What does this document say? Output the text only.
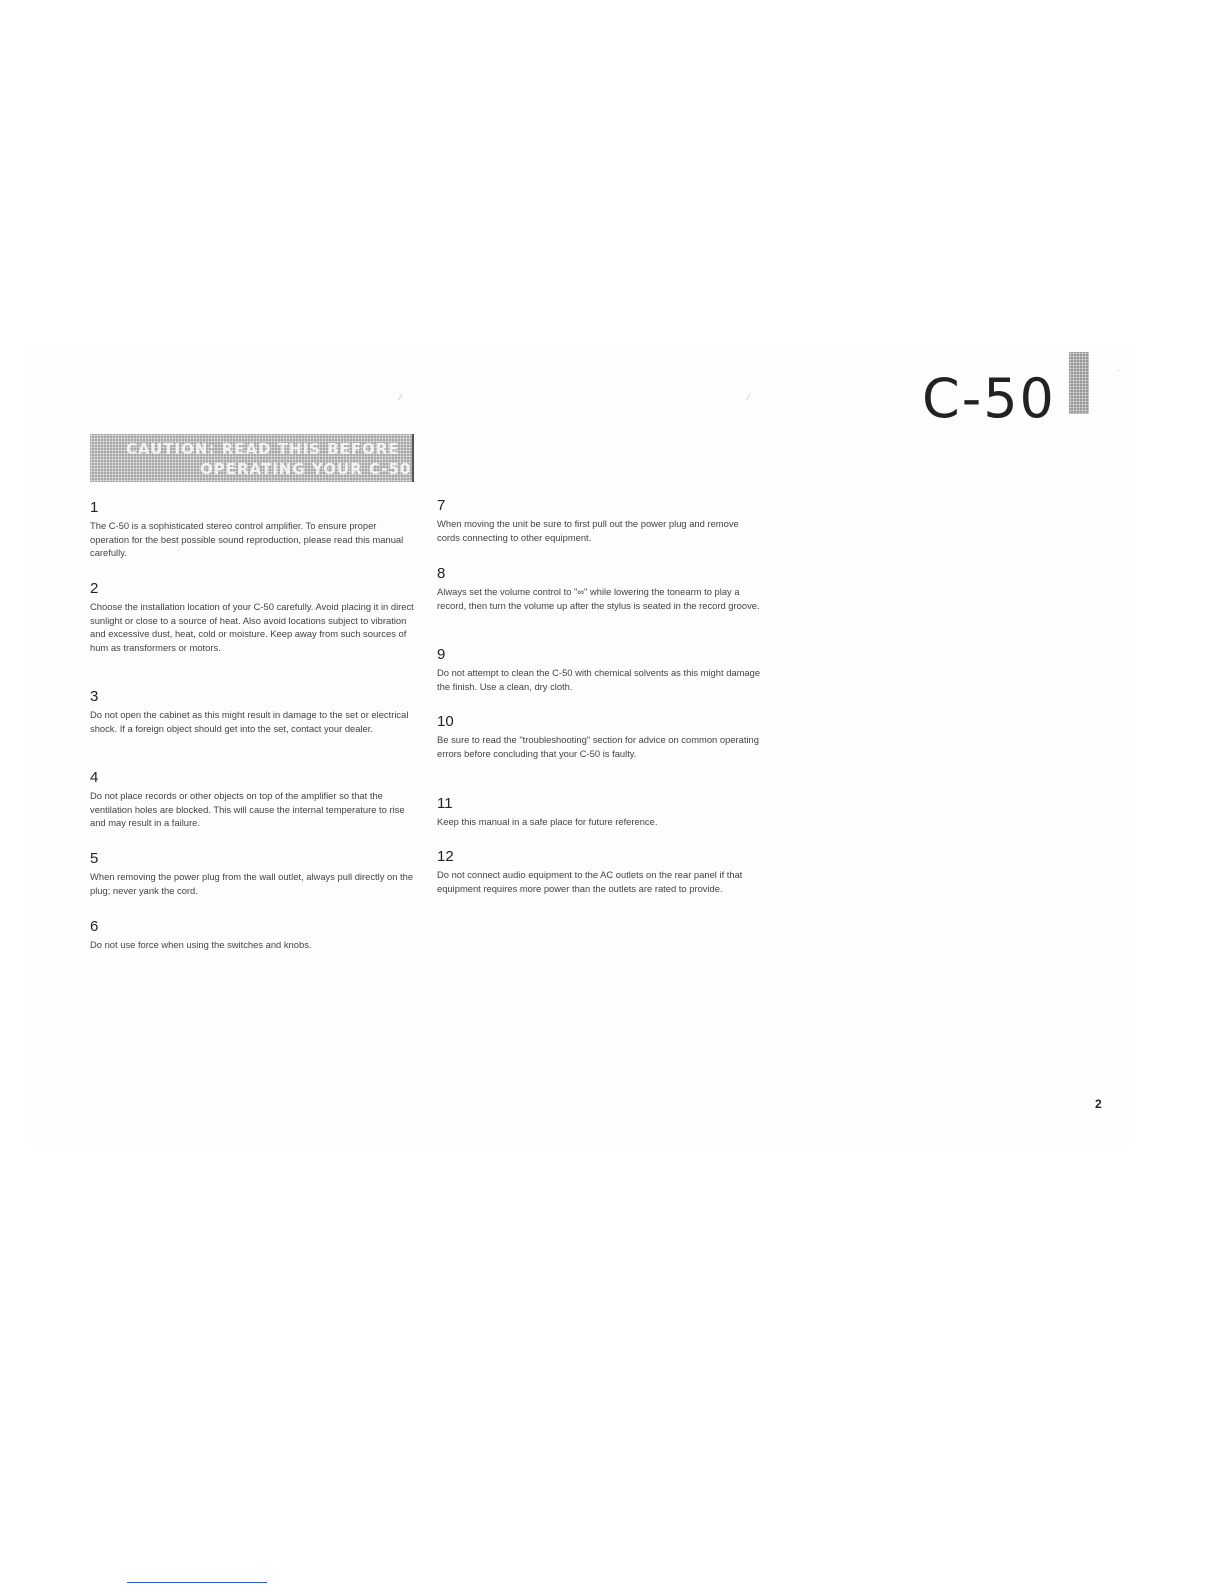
C-50
CAUTION: READ THIS BEFORE
OPERATING YOUR C-50
1
The C-50 is a sophisticated stereo control amplifier. To ensure proper operation for the best possible sound reproduction, please read this manual carefully.
2
Choose the installation location of your C-50 carefully. Avoid placing it in direct sunlight or close to a source of heat. Also avoid locations subject to vibration and excessive dust, heat, cold or moisture. Keep away from such sources of hum as transformers or motors.
3
Do not open the cabinet as this might result in damage to the set or electrical shock. If a foreign object should get into the set, contact your dealer.
4
Do not place records or other objects on top of the amplifier so that the ventilation holes are blocked. This will cause the internal temperature to rise and may result in a failure.
5
When removing the power plug from the wall outlet, always pull directly on the plug; never yank the cord.
6
Do not use force when using the switches and knobs.
7
When moving the unit be sure to first pull out the power plug and remove cords connecting to other equipment.
8
Always set the volume control to "∞" while lowering the tonearm to play a record, then turn the volume up after the stylus is seated in the record groove.
9
Do not attempt to clean the C-50 with chemical solvents as this might damage the finish. Use a clean, dry cloth.
10
Be sure to read the "troubleshooting" section for advice on common operating errors before concluding that your C-50 is faulty.
11
Keep this manual in a safe place for future reference.
12
Do not connect audio equipment to the AC outlets on the rear panel if that equipment requires more power than the outlets are rated to provide.
2
⁄	⁄
·
